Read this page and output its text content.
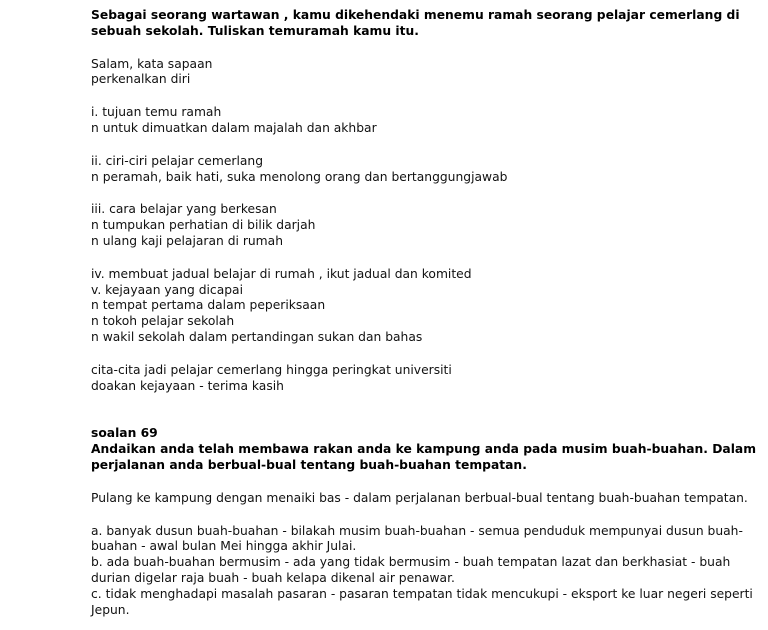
Sebagai seorang wartawan , kamu dikehendaki menemu ramah seorang pelajar cemerlang di sebuah sekolah. Tuliskan temuramah kamu itu.

Salam, kata sapaan
perkenalkan diri
i. tujuan temu ramah
n untuk dimuatkan dalam majalah dan akhbar
ii. ciri-ciri pelajar cemerlang
n peramah, baik hati, suka menolong orang dan bertanggungjawab
iii. cara belajar yang berkesan
n tumpukan perhatian di bilik darjah
n ulang kaji pelajaran di rumah
iv. membuat jadual belajar di rumah , ikut jadual dan komited
v. kejayaan yang dicapai
n tempat pertama dalam peperiksaan
n tokoh pelajar sekolah
n wakil sekolah dalam pertandingan sukan dan bahas
cita-cita jadi pelajar cemerlang hingga peringkat universiti
doakan kejayaan - terima kasih
soalan 69
Andaikan anda telah membawa rakan anda ke kampung anda pada musim buah-buahan. Dalam perjalanan anda berbual-bual tentang buah-buahan tempatan.

Pulang ke kampung dengan menaiki bas - dalam perjalanan berbual-bual tentang buah-buahan tempatan.

a. banyak dusun buah-buahan - bilakah musim buah-buahan - semua penduduk mempunyai dusun buah-buahan - awal bulan Mei hingga akhir Julai.
b. ada buah-buahan bermusim - ada yang tidak bermusim - buah tempatan lazat dan berkhasiat - buah durian digelar raja buah - buah kelapa dikenal air penawar.
c. tidak menghadapi masalah pasaran - pasaran tempatan tidak mencukupi - eksport ke luar negeri seperti Jepun.
